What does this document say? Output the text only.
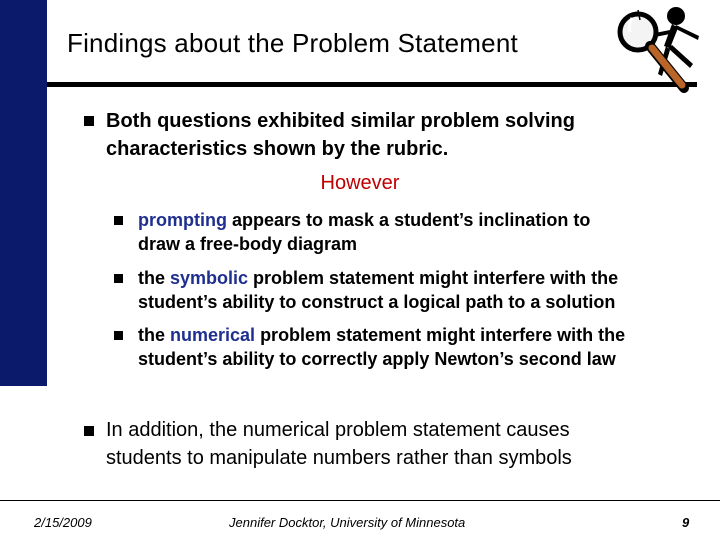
Findings about the Problem Statement
Both questions exhibited similar problem solving
characteristics shown by the rubric.
However
prompting appears to mask a student’s inclination to
draw a free-body diagram
the symbolic problem statement might interfere with the
student’s ability to construct a logical path to a solution
the numerical problem statement might interfere with the
student’s ability to correctly apply Newton’s second law
In addition, the numerical problem statement causes
students to manipulate numbers rather than symbols
2/15/2009	Jennifer Docktor, University of Minnesota	9
